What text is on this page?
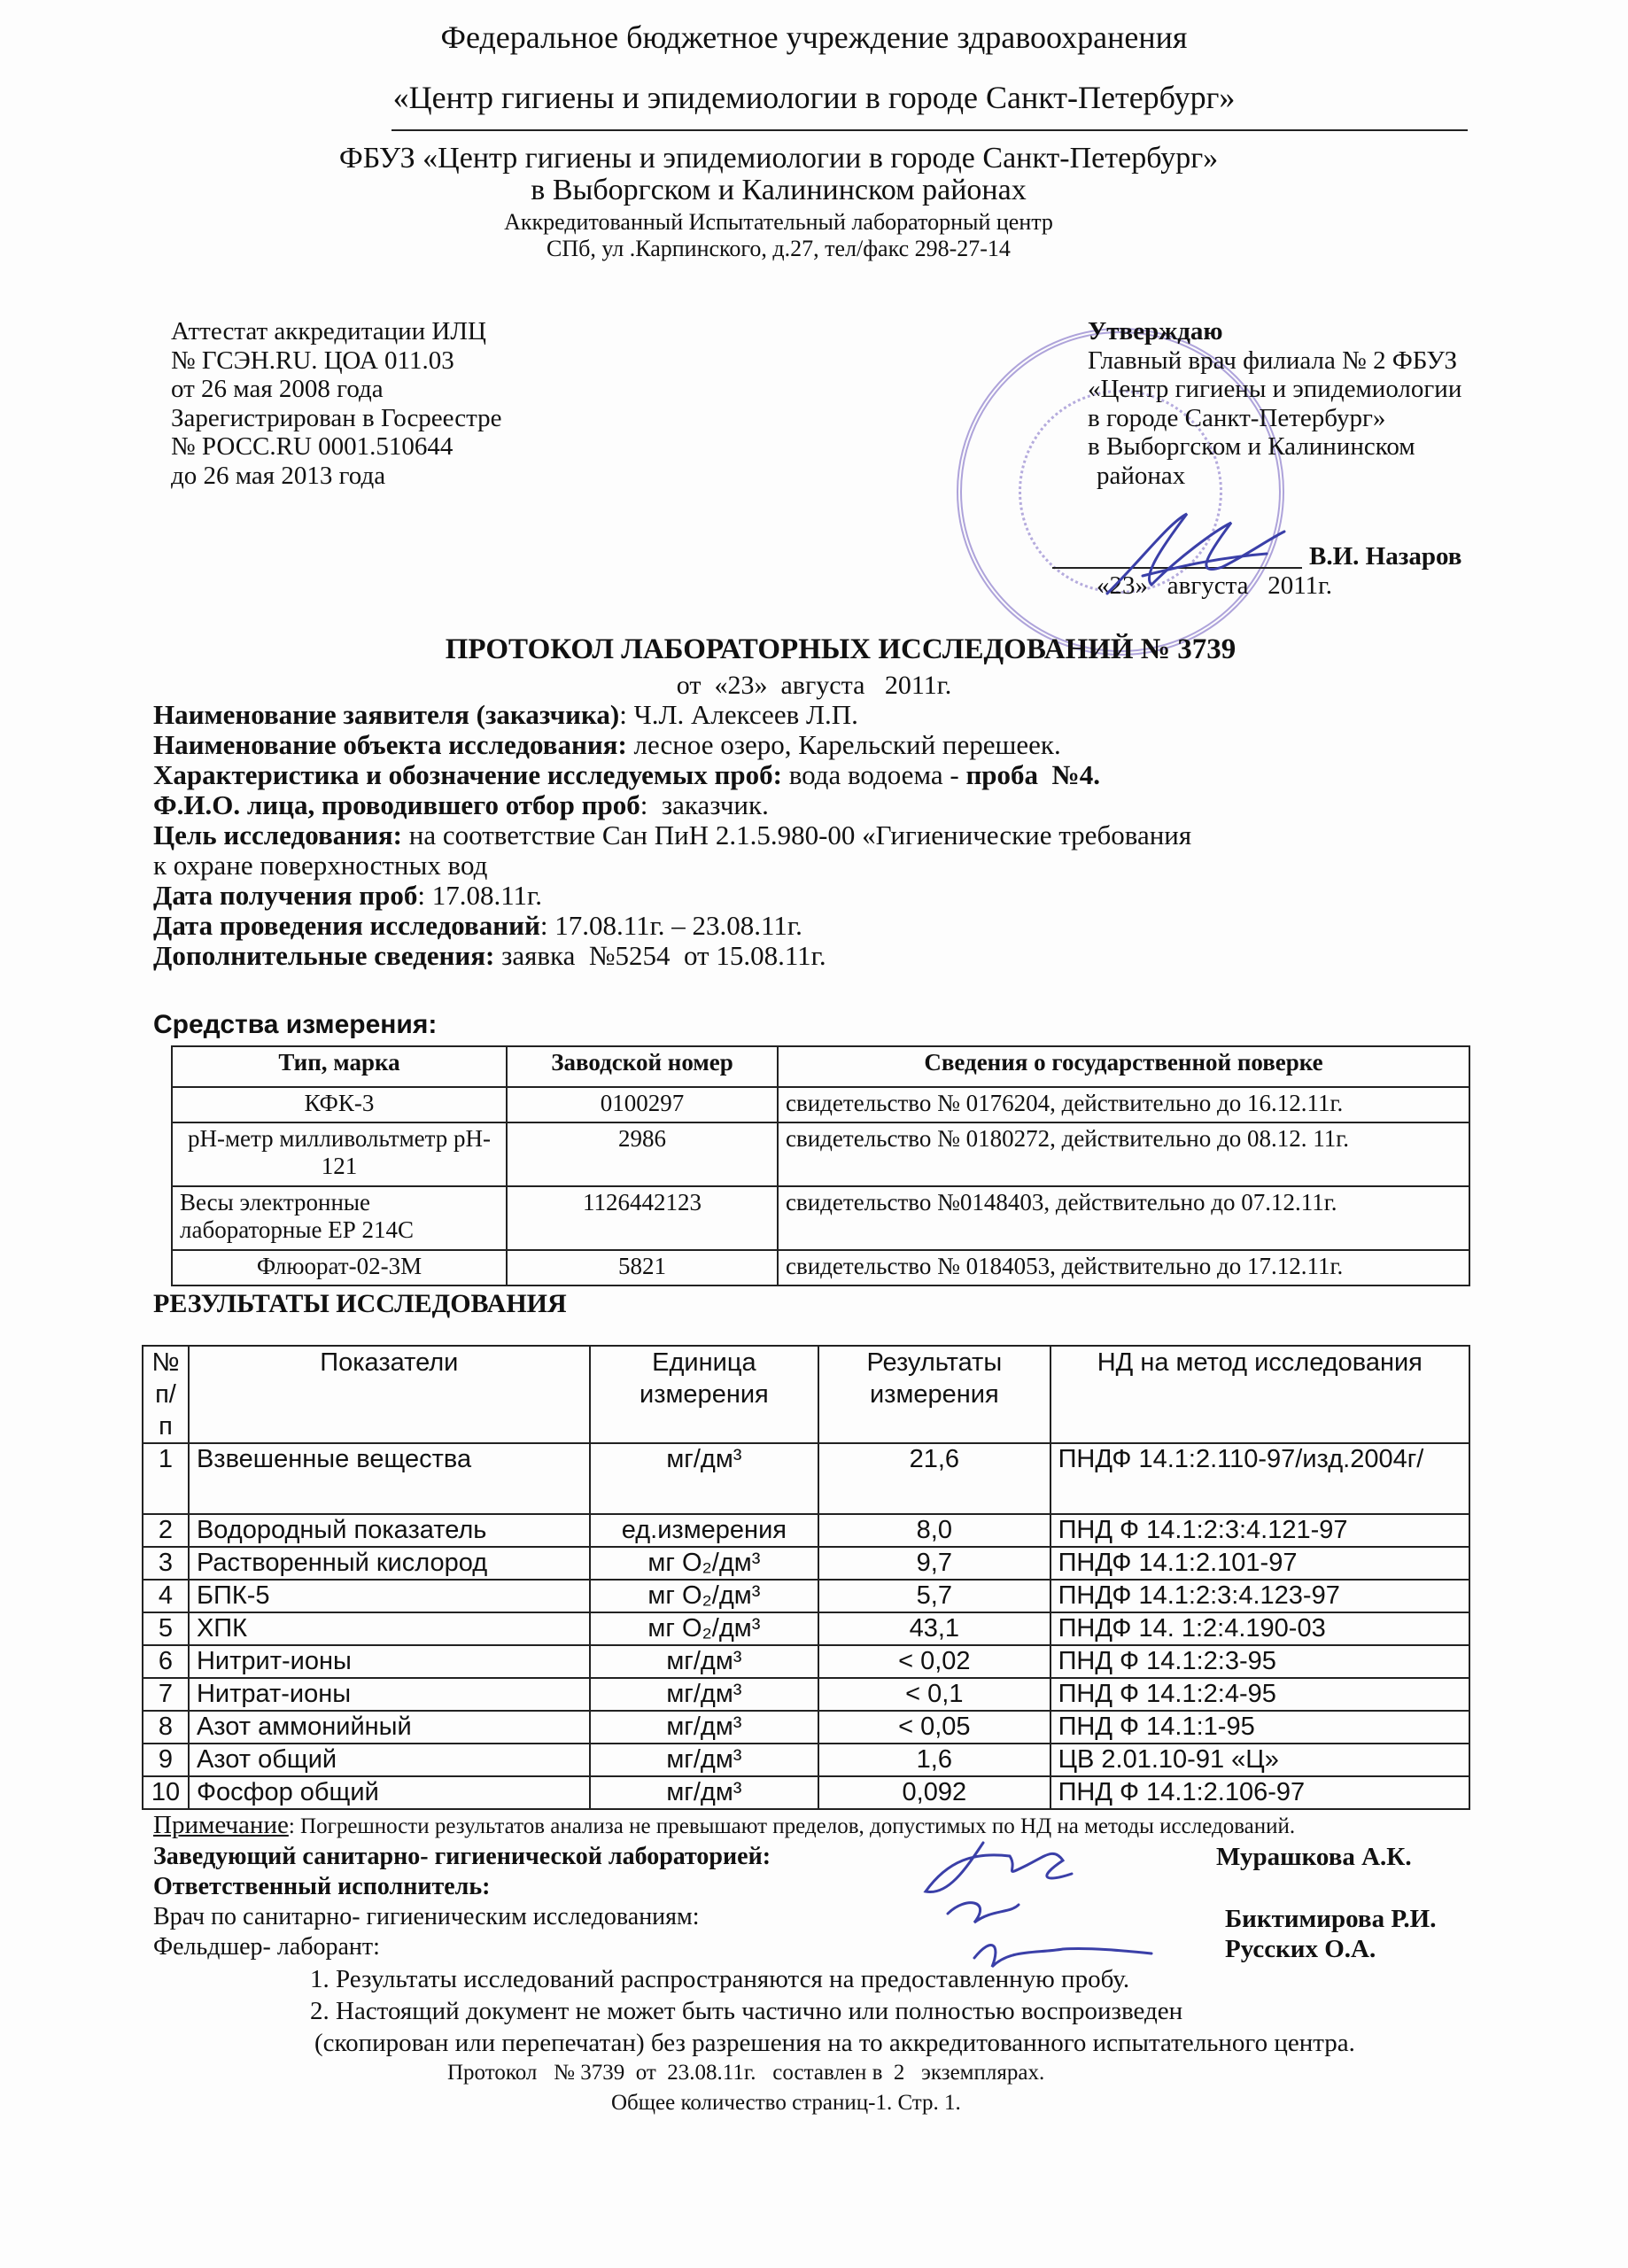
Федеральное бюджетное учреждение здравоохранения
«Центр гигиены и эпидемиологии в городе Санкт-Петербург»
ФБУЗ «Центр гигиены и эпидемиологии в городе Санкт-Петербург»
в Выборгском и Калининском районах
Аккредитованный Испытательный лабораторный центр
СПб, ул .Карпинского, д.27, тел/факс 298-27-14
Аттестат аккредитации ИЛЦ
№ ГСЭН.RU. ЦОА 011.03
от 26 мая 2008 года
Зарегистрирован в Госреестре
№ РОСС.RU 0001.510644
до 26 мая 2013 года
Утверждаю
Главный врач филиала № 2 ФБУЗ
«Центр гигиены и эпидемиологии
в городе Санкт-Петербург»
в Выборгском и Калининском
районах
В.И. Назаров
«23»   августа   2011г.
ПРОТОКОЛ ЛАБОРАТОРНЫХ ИССЛЕДОВАНИЙ № 3739
от  «23»  августа   2011г.
Наименование заявителя (заказчика): Ч.Л. Алексеев Л.П.
Наименование объекта исследования: лесное озеро, Карельский перешеек.
Характеристика и обозначение исследуемых проб: вода водоема - проба  №4.
Ф.И.О. лица, проводившего отбор проб:  заказчик.
Цель исследования: на соответствие Сан ПиН 2.1.5.980-00 «Гигиенические требования
к охране поверхностных вод
Дата получения проб: 17.08.11г.
Дата проведения исследований: 17.08.11г. – 23.08.11г.
Дополнительные сведения: заявка  №5254  от 15.08.11г.
Средства измерения:
Тип, марка	Заводской номер	Сведения о государственной поверке
КФК-3	0100297	свидетельство № 0176204, действительно до 16.12.11г.
pH-метр милливольтметр pH-121	2986	свидетельство № 0180272, действительно до 08.12. 11г.
Весы электронные лабораторные ЕР 214С	1126442123	свидетельство №0148403, действительно до 07.12.11г.
Флюорат-02-3М	5821	свидетельство № 0184053, действительно до 17.12.11г.
РЕЗУЛЬТАТЫ ИССЛЕДОВАНИЯ
№ п/п	Показатели	Единица измерения	Результаты измерения	НД на метод исследования
1	Взвешенные вещества	мг/дм³	21,6	ПНДФ 14.1:2.110-97/изд.2004г/
2	Водородный показатель	ед.измерения	8,0	ПНД Ф 14.1:2:3:4.121-97
3	Растворенный кислород	мг O₂/дм³	9,7	ПНДФ 14.1:2.101-97
4	БПК-5	мг O₂/дм³	5,7	ПНДФ 14.1:2:3:4.123-97
5	ХПК	мг O₂/дм³	43,1	ПНДФ 14. 1:2:4.190-03
6	Нитрит-ионы	мг/дм³	< 0,02	ПНД Ф 14.1:2:3-95
7	Нитрат-ионы	мг/дм³	< 0,1	ПНД Ф 14.1:2:4-95
8	Азот аммонийный	мг/дм³	< 0,05	ПНД Ф 14.1:1-95
9	Азот общий	мг/дм³	1,6	ЦВ 2.01.10-91 «Ц»
10	Фосфор общий	мг/дм³	0,092	ПНД Ф 14.1:2.106-97
Примечание: Погрешности результатов анализа не превышают пределов, допустимых по НД на методы исследований.
Заведующий санитарно- гигиенической лабораторией:	Мурашкова А.К.
Ответственный исполнитель:
Врач по санитарно- гигиеническим исследованиям:	Биктимирова Р.И.
Фельдшер- лаборант:	Русских О.А.
1. Результаты исследований распространяются на предоставленную пробу.
2. Настоящий документ не может быть частично или полностью воспроизведен
(скопирован или перепечатан) без разрешения на то аккредитованного испытательного центра.
Протокол   № 3739  от  23.08.11г.   составлен в  2   экземплярах.
Общее количество страниц-1. Стр. 1.
